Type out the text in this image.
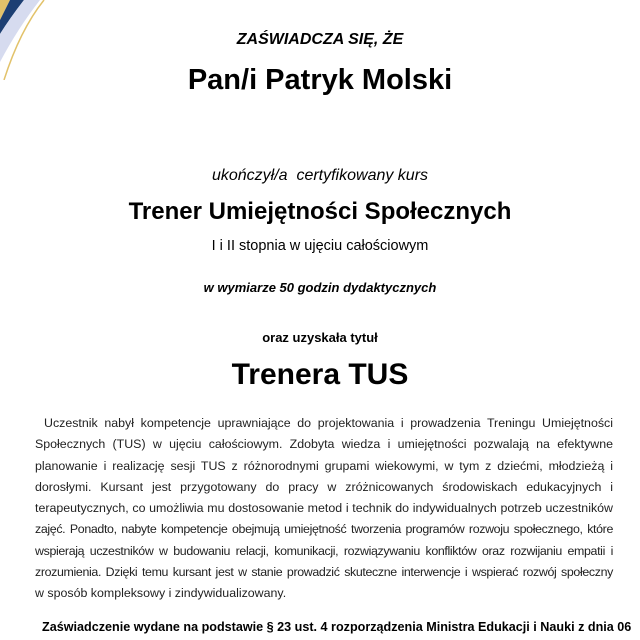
ZAŚWIADCZA SIĘ, ŻE
Pan/i Patryk Molski
ukończył/a  certyfikowany kurs
Trener Umiejętności Społecznych
I i II stopnia w ujęciu całościowym
w wymiarze 50 godzin dydaktycznych
oraz uzyskała tytuł
Trenera TUS
Uczestnik nabył kompetencje uprawniające do projektowania i prowadzenia Treningu Umiejętności
Społecznych (TUS) w ujęciu całościowym. Zdobyta wiedza i umiejętności pozwalają na efektywne
planowanie i realizację sesji TUS z różnorodnymi grupami wiekowymi, w tym z dziećmi, młodzieżą i
dorosłymi. Kursant jest przygotowany do pracy w zróżnicowanych środowiskach edukacyjnych i
terapeutycznych, co umożliwia mu dostosowanie metod i technik do indywidualnych potrzeb uczestników
zajęć. Ponadto, nabyte kompetencje obejmują umiejętność tworzenia programów rozwoju społecznego, które
wspierają uczestników w budowaniu relacji, komunikacji, rozwiązywaniu konfliktów oraz rozwijaniu empatii i
zrozumienia. Dzięki temu kursant jest w stanie prowadzić skuteczne interwencje i wspierać rozwój społeczny
w sposób kompleksowy i zindywidualizowany.
Zaświadczenie wydane na podstawie § 23 ust. 4 rozporządzenia Ministra Edukacji i Nauki z dnia 06
